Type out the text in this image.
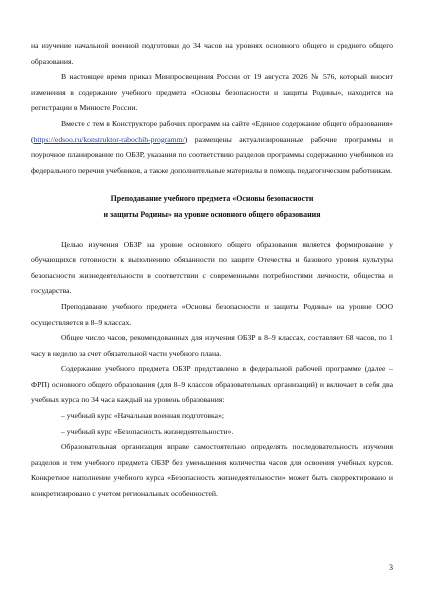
на изучение начальной военной подготовки до 34 часов на уровнях основного общего и среднего общего образования.

В настоящее время приказ Минпросвещения России от 19 августа 2026 № 576, который вносит изменения в содержание учебного предмета «Основы безопасности и защиты Родины», находится на регистрации в Минюсте России.

Вместе с тем в Конструкторе рабочих программ на сайте «Единое содержание общего образования» (https://edsoo.ru/konstruktor-rabochih-programm/) размещены актуализированные рабочие программы и поурочное планирование по ОБЗР, указания по соответствию разделов программы содержанию учебников из федерального перечня учебников, а также дополнительные материалы в помощь педагогическим работникам.

Преподавание учебного предмета «Основы безопасности
и защиты Родины» на уровне основного общего образования

Целью изучения ОБЗР на уровне основного общего образования является формирование у обучающихся готовности к выполнению обязанности по защите Отечества и базового уровня культуры безопасности жизнедеятельности в соответствии с современными потребностями личности, общества и государства.

Преподавание учебного предмета «Основы безопасности и защиты Родины» на уровне ООО осуществляется в 8–9 классах.

Общее число часов, рекомендованных для изучения ОБЗР в 8–9 классах, составляет 68 часов, по 1 часу в неделю за счет обязательной части учебного плана.

Содержание учебного предмета ОБЗР представлено в федеральной рабочей программе (далее – ФРП) основного общего образования (для 8–9 классов образовательных организаций) и включает в себя два учебных курса по 34 часа каждый на уровень образования:

– учебный курс «Начальная военная подготовка»;

– учебный курс «Безопасность жизнедеятельности».

Образовательная организация вправе самостоятельно определять последовательность изучения разделов и тем учебного предмета ОБЗР без уменьшения количества часов для освоения учебных курсов. Конкретное наполнение учебного курса «Безопасность жизнедеятельности» может быть скорректировано и конкретизировано с учетом региональных особенностей.

3
